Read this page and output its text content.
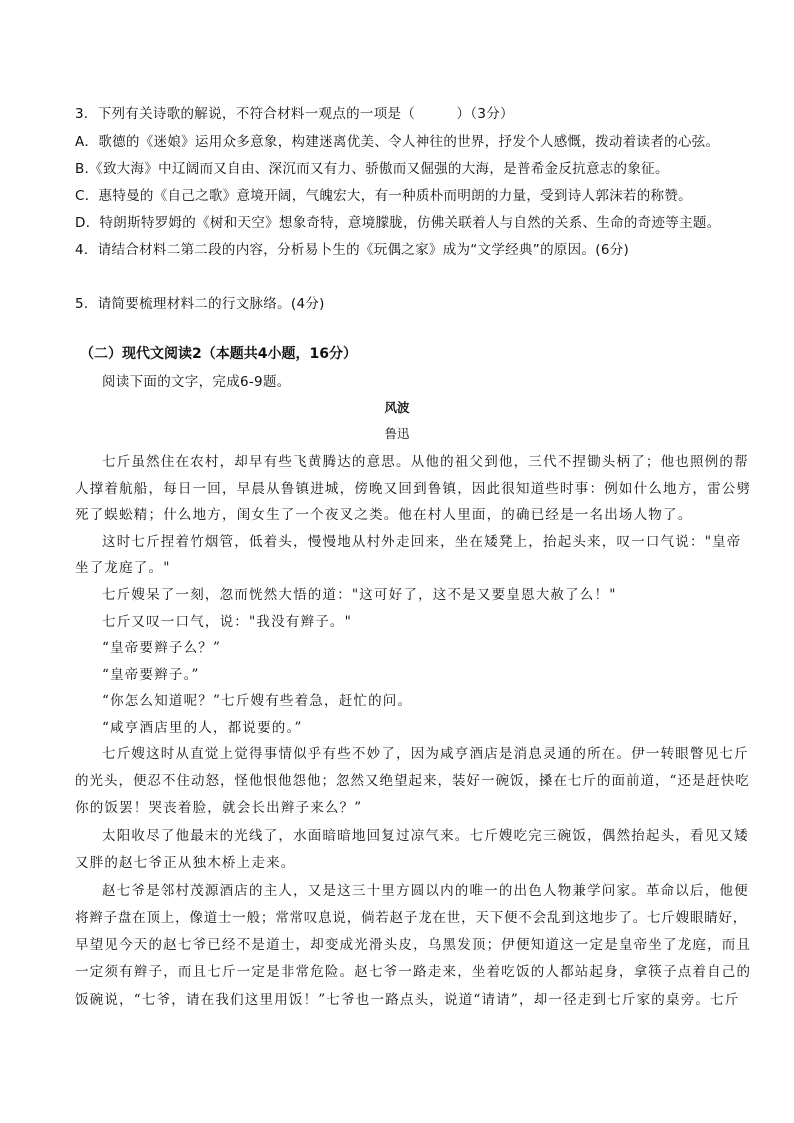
3．下列有关诗歌的解说，不符合材料一观点的一项是（　　　）（3分）
A．歌德的《迷娘》运用众多意象，构建迷离优美、令人神往的世界，抒发个人感慨，拨动着读者的心弦。
B.《致大海》中辽阔而又自由、深沉而又有力、骄傲而又倔强的大海，是普希金反抗意志的象征。
C．惠特曼的《自己之歌》意境开阔，气魄宏大，有一种质朴而明朗的力量，受到诗人郭沫若的称赞。
D．特朗斯特罗姆的《树和天空》想象奇特，意境朦胧，仿佛关联着人与自然的关系、生命的奇迹等主题。
4．请结合材料二第二段的内容，分析易卜生的《玩偶之家》成为“文学经典”的原因。(6分)
5．请简要梳理材料二的行文脉络。(4分)
（二）现代文阅读2（本题共4小题，16分）
阅读下面的文字，完成6-9题。
风波
鲁迅
七斤虽然住在农村，却早有些飞黄腾达的意思。从他的祖父到他，三代不捏锄头柄了；他也照例的帮
人撑着航船，每日一回，早晨从鲁镇进城，傍晚又回到鲁镇，因此很知道些时事：例如什么地方，雷公劈
死了蜈蚣精；什么地方，闺女生了一个夜叉之类。他在村人里面，的确已经是一名出场人物了。
这时七斤捏着竹烟管，低着头，慢慢地从村外走回来，坐在矮凳上，抬起头来，叹一口气说："皇帝
坐了龙庭了。"
七斤嫂呆了一刻，忽而恍然大悟的道："这可好了，这不是又要皇恩大赦了么！"
七斤又叹一口气，说："我没有辫子。"
“皇帝要辫子么？”
“皇帝要辫子。”
“你怎么知道呢？”七斤嫂有些着急，赶忙的问。
“咸亨酒店里的人，都说要的。”
七斤嫂这时从直觉上觉得事情似乎有些不妙了，因为咸亨酒店是消息灵通的所在。伊一转眼瞥见七斤
的光头，便忍不住动怒，怪他恨他怨他；忽然又绝望起来，装好一碗饭，搡在七斤的面前道，“还是赶快吃
你的饭罢！哭丧着脸，就会长出辫子来么？”
太阳收尽了他最末的光线了，水面暗暗地回复过凉气来。七斤嫂吃完三碗饭，偶然抬起头，看见又矮
又胖的赵七爷正从独木桥上走来。
赵七爷是邻村茂源酒店的主人，又是这三十里方圆以内的唯一的出色人物兼学问家。革命以后，他便
将辫子盘在顶上，像道士一般；常常叹息说，倘若赵子龙在世，天下便不会乱到这地步了。七斤嫂眼睛好，
早望见今天的赵七爷已经不是道士，却变成光滑头皮，乌黑发顶；伊便知道这一定是皇帝坐了龙庭，而且
一定须有辫子，而且七斤一定是非常危险。赵七爷一路走来，坐着吃饭的人都站起身，拿筷子点着自己的
饭碗说，“七爷，请在我们这里用饭！”七爷也一路点头，说道“请请”，却一径走到七斤家的桌旁。七斤
